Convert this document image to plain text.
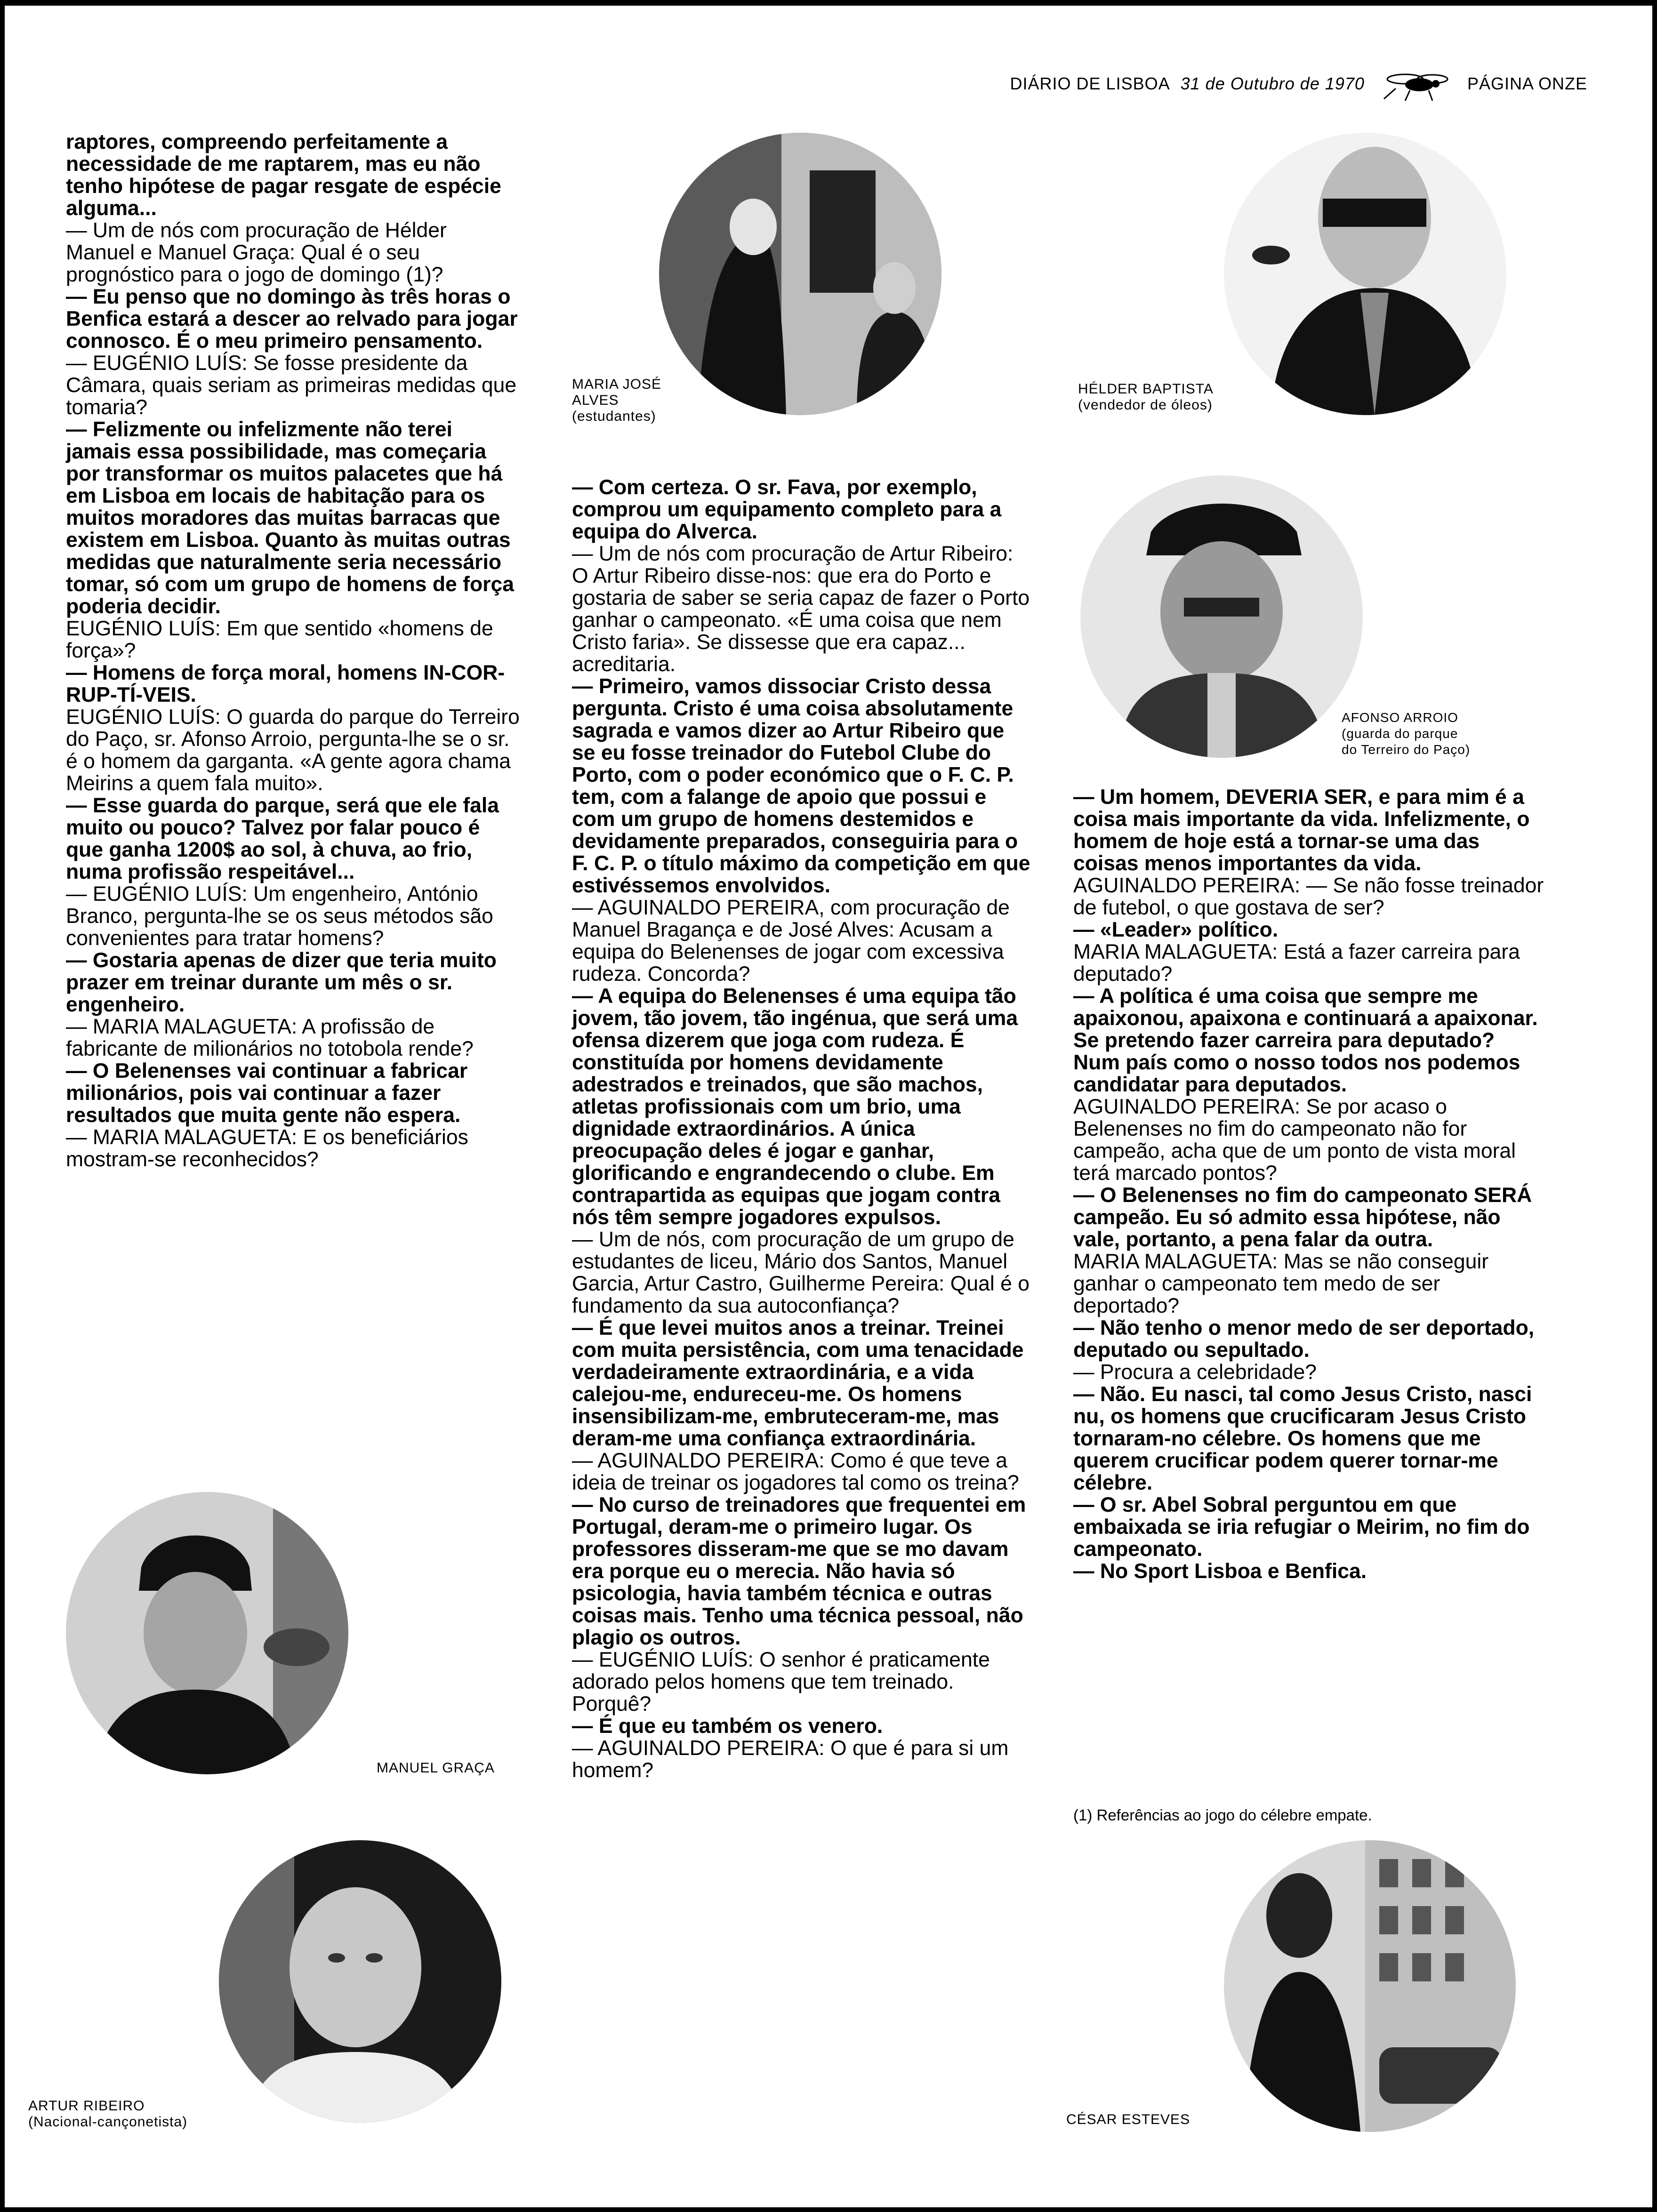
DIÁRIO DE LISBOA 31 de Outubro de 1970	PÁGINA ONZE

raptores, compreendo perfeitamente a necessidade de me raptarem, mas eu não tenho hipótese de pagar resgate de espécie alguma...

— Um de nós com procuração de Hélder Manuel e Manuel Graça: Qual é o seu prognóstico para o jogo de domingo (1)?

— Eu penso que no domingo às três horas o Benfica estará a descer ao relvado para jogar connosco. É o meu primeiro pensamento.

— EUGÉNIO LUÍS: Se fosse presidente da Câmara, quais seriam as primeiras medidas que tomaria?

— Felizmente ou infelizmente não terei jamais essa possibilidade, mas começaria por transformar os muitos palacetes que há em Lisboa em locais de habitação para os muitos moradores das muitas barracas que existem em Lisboa. Quanto às muitas outras medidas que naturalmente seria necessário tomar, só com um grupo de homens de força poderia decidir.

EUGÉNIO LUÍS: Em que sentido «homens de força»?

— Homens de força moral, homens IN-COR-RUP-TÍ-VEIS.

EUGÉNIO LUÍS: O guarda do parque do Terreiro do Paço, sr. Afonso Arroio, pergunta-lhe se o sr. é o homem da garganta. «A gente agora chama Meirins a quem fala muito».

— Esse guarda do parque, será que ele fala muito ou pouco? Talvez por falar pouco é que ganha 1200$ ao sol, à chuva, ao frio, numa profissão respeitável...

— EUGÉNIO LUÍS: Um engenheiro, António Branco, pergunta-lhe se os seus métodos são convenientes para tratar homens?

— Gostaria apenas de dizer que teria muito prazer em treinar durante um mês o sr. engenheiro.

— MARIA MALAGUETA: A profissão de fabricante de milionários no totobola rende?

— O Belenenses vai continuar a fabricar milionários, pois vai continuar a fazer resultados que muita gente não espera.

— MARIA MALAGUETA: E os beneficiários mostram-se reconhecidos?

— Com certeza. O sr. Fava, por exemplo, comprou um equipamento completo para a equipa do Alverca.

— Um de nós com procuração de Artur Ribeiro: O Artur Ribeiro disse-nos: que era do Porto e gostaria de saber se seria capaz de fazer o Porto ganhar o campeonato. «É uma coisa que nem Cristo faria». Se dissesse que era capaz... acreditaria.

— Primeiro, vamos dissociar Cristo dessa pergunta. Cristo é uma coisa absolutamente sagrada e vamos dizer ao Artur Ribeiro que se eu fosse treinador do Futebol Clube do Porto, com o poder económico que o F. C. P. tem, com a falange de apoio que possui e com um grupo de homens destemidos e devidamente preparados, conseguiria para o F. C. P. o título máximo da competição em que estivéssemos envolvidos.

— AGUINALDO PEREIRA, com procuração de Manuel Bragança e de José Alves: Acusam a equipa do Belenenses de jogar com excessiva rudeza. Concorda?

— A equipa do Belenenses é uma equipa tão jovem, tão jovem, tão ingénua, que será uma ofensa dizerem que joga com rudeza. É constituída por homens devidamente adestrados e treinados, que são machos, atletas profissionais com um brio, uma dignidade extraordinários. A única preocupação deles é jogar e ganhar, glorificando e engrandecendo o clube. Em contrapartida as equipas que jogam contra nós têm sempre jogadores expulsos.

— Um de nós, com procuração de um grupo de estudantes de liceu, Mário dos Santos, Manuel Garcia, Artur Castro, Guilherme Pereira: Qual é o fundamento da sua autoconfiança?

— É que levei muitos anos a treinar. Treinei com muita persistência, com uma tenacidade verdadeiramente extraordinária, e a vida calejou-me, endureceu-me. Os homens insensibilizam-me, embruteceram-me, mas deram-me uma confiança extraordinária.

— AGUINALDO PEREIRA: Como é que teve a ideia de treinar os jogadores tal como os treina?

— No curso de treinadores que frequentei em Portugal, deram-me o primeiro lugar. Os professores disseram-me que se mo davam era porque eu o merecia. Não havia só psicologia, havia também técnica e outras coisas mais. Tenho uma técnica pessoal, não plagio os outros.

— EUGÉNIO LUÍS: O senhor é praticamente adorado pelos homens que tem treinado. Porquê?

— É que eu também os venero.

— AGUINALDO PEREIRA: O que é para si um homem?

— Um homem, DEVERIA SER, e para mim é a coisa mais importante da vida. Infelizmente, o homem de hoje está a tornar-se uma das coisas menos importantes da vida.

AGUINALDO PEREIRA: — Se não fosse treinador de futebol, o que gostava de ser?

— «Leader» político.

MARIA MALAGUETA: Está a fazer carreira para deputado?

— A política é uma coisa que sempre me apaixonou, apaixona e continuará a apaixonar. Se pretendo fazer carreira para deputado? Num país como o nosso todos nos podemos candidatar para deputados.

AGUINALDO PEREIRA: Se por acaso o Belenenses no fim do campeonato não for campeão, acha que de um ponto de vista moral terá marcado pontos?

— O Belenenses no fim do campeonato SERÁ campeão. Eu só admito essa hipótese, não vale, portanto, a pena falar da outra.

MARIA MALAGUETA: Mas se não conseguir ganhar o campeonato tem medo de ser deportado?

— Não tenho o menor medo de ser deportado, deputado ou sepultado.

— Procura a celebridade?

— Não. Eu nasci, tal como Jesus Cristo, nasci nu, os homens que crucificaram Jesus Cristo tornaram-no célebre. Os homens que me querem crucificar podem querer tornar-me célebre.

— O sr. Abel Sobral perguntou em que embaixada se iria refugiar o Meirim, no fim do campeonato.

— No Sport Lisboa e Benfica.

(1) Referências ao jogo do célebre empate.
MARIA JOSÉ
ALVES
(estudantes)
HÉLDER BAPTISTA
(vendedor de óleos)
AFONSO ARROIO
(guarda do parque
do Terreiro do Paço)
MANUEL GRAÇA
ARTUR RIBEIRO
(Nacional-cançonetista)	CÉSAR ESTEVES
